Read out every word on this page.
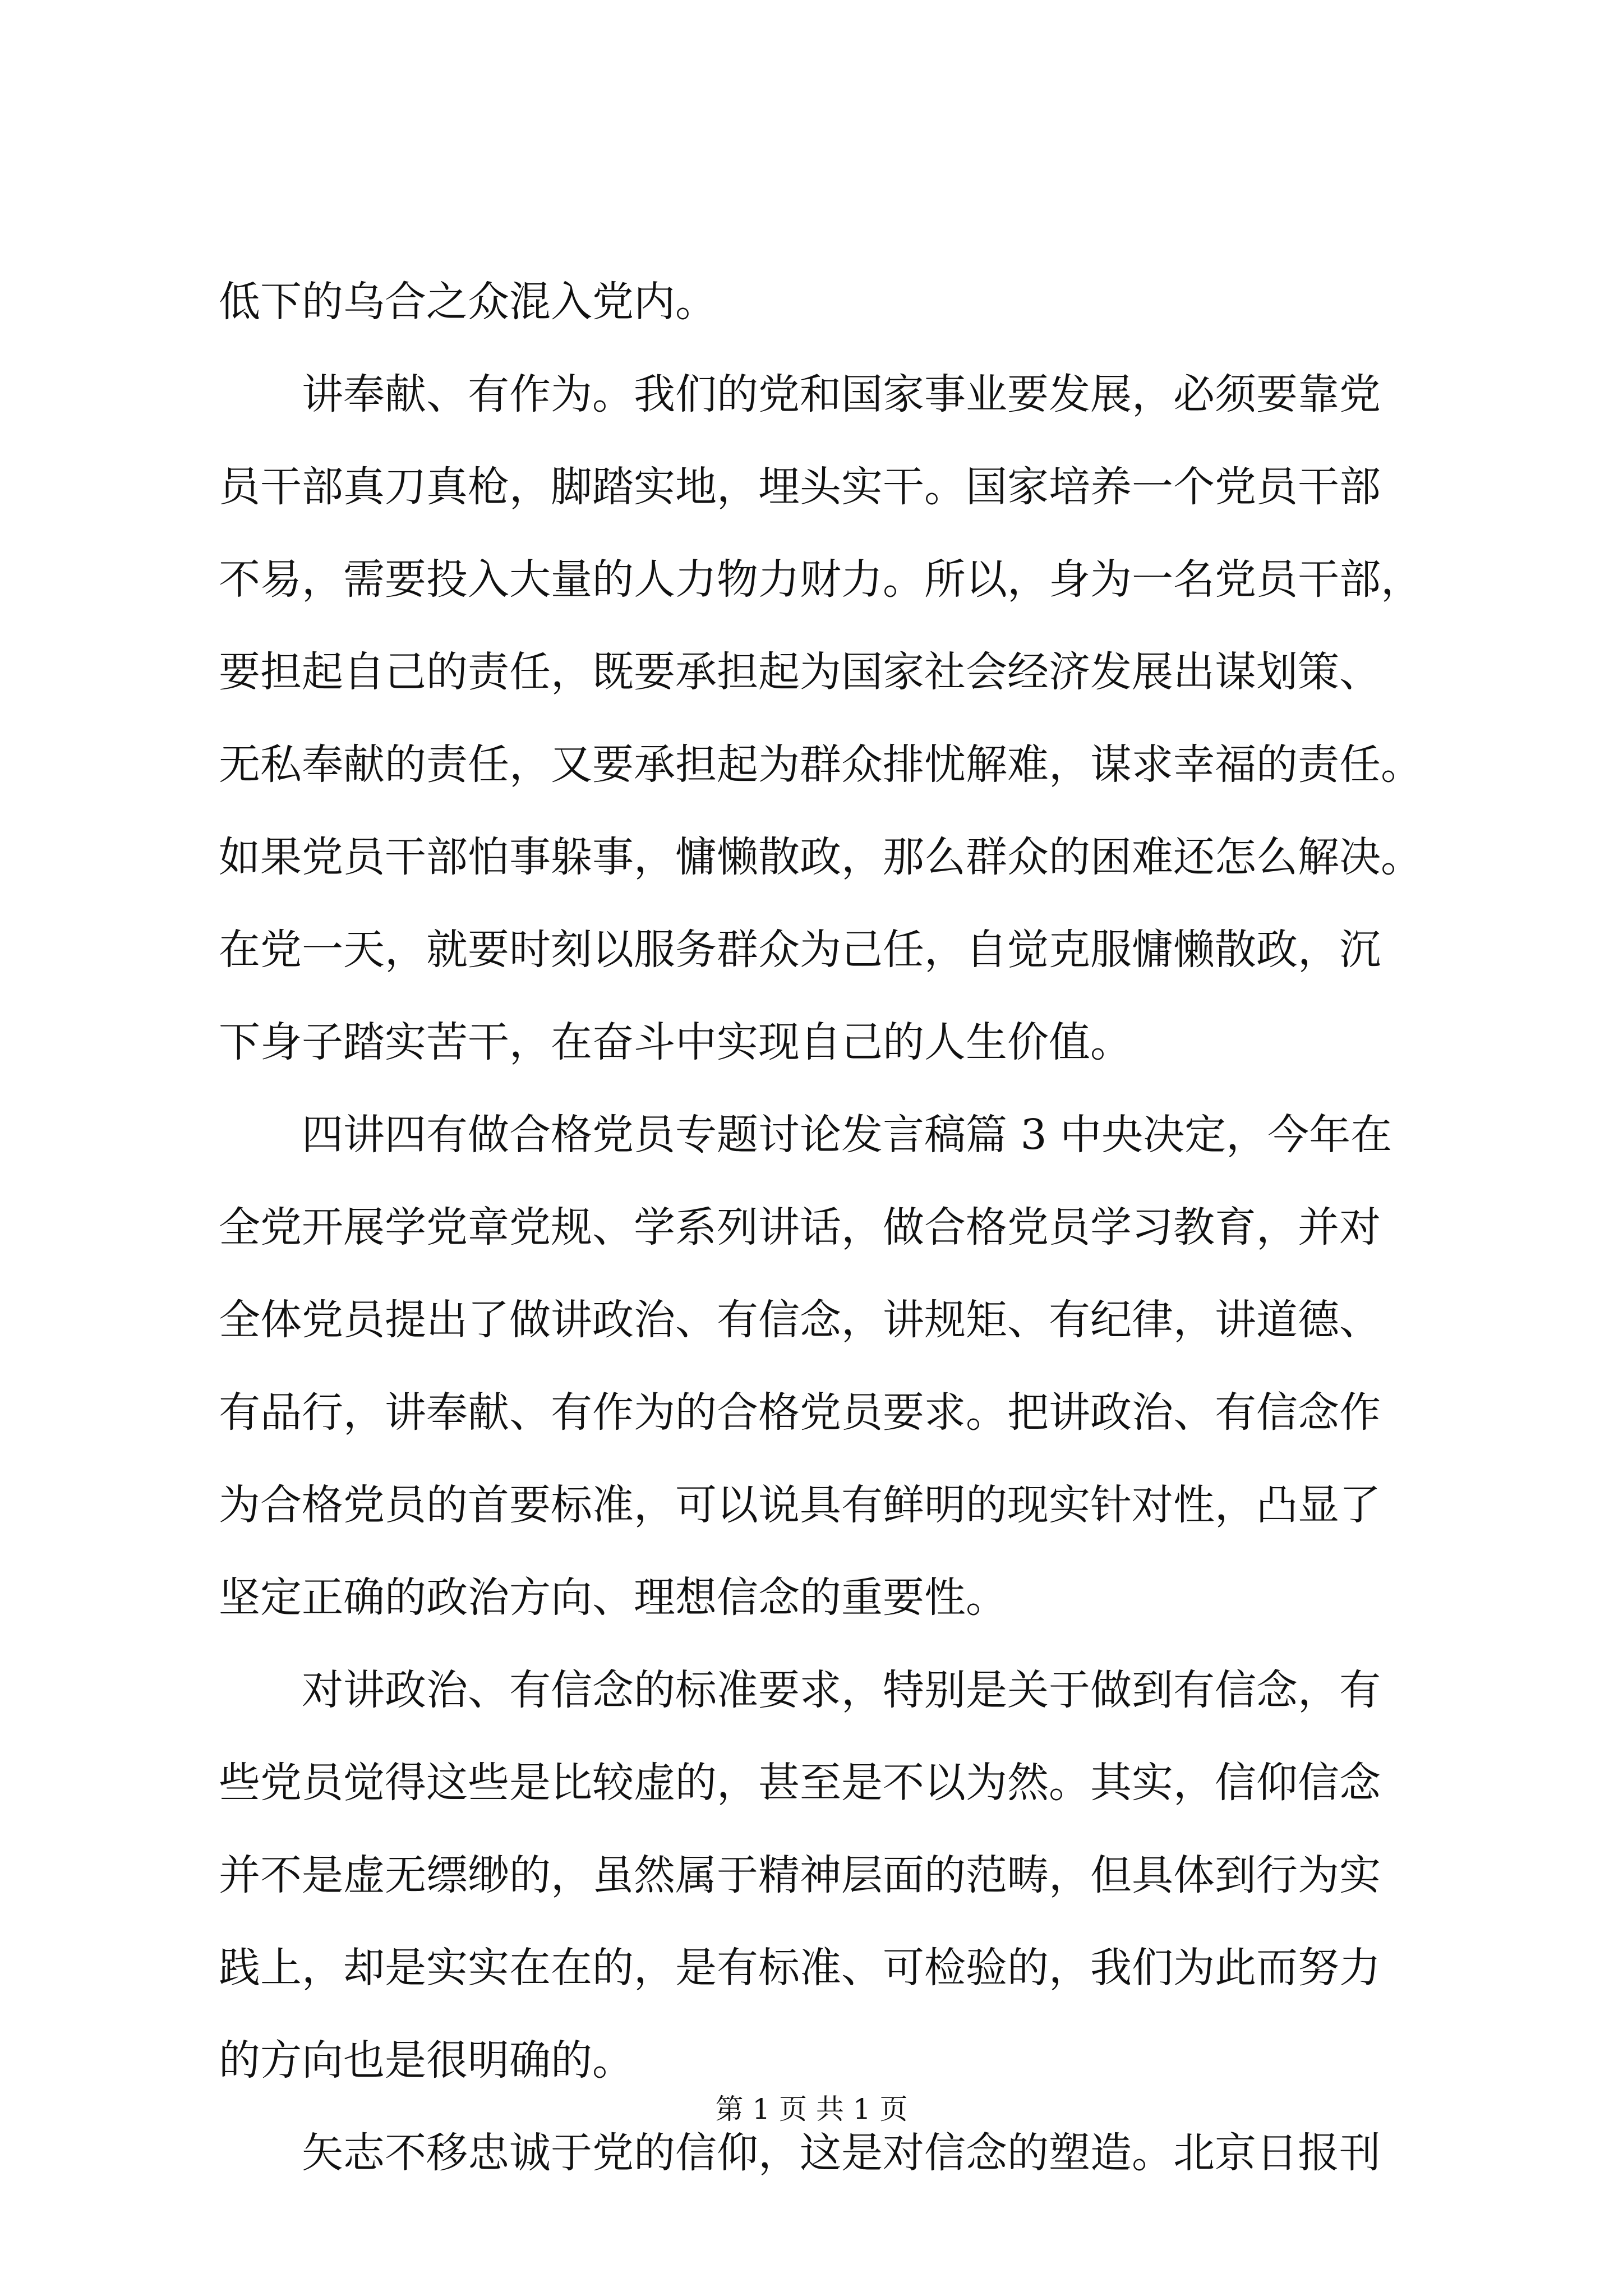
低下的乌合之众混入党内。
讲奉献、有作为。我们的党和国家事业要发展，必须要靠党
员干部真刀真枪，脚踏实地，埋头实干。国家培养一个党员干部
不易，需要投入大量的人力物力财力。所以，身为一名党员干部，
要担起自己的责任，既要承担起为国家社会经济发展出谋划策、
无私奉献的责任，又要承担起为群众排忧解难，谋求幸福的责任。
如果党员干部怕事躲事，慵懒散政，那么群众的困难还怎么解决。
在党一天，就要时刻以服务群众为己任，自觉克服慵懒散政，沉
下身子踏实苦干，在奋斗中实现自己的人生价值。
四讲四有做合格党员专题讨论发言稿篇 3 中央决定，今年在
全党开展学党章党规、学系列讲话，做合格党员学习教育，并对
全体党员提出了做讲政治、有信念，讲规矩、有纪律，讲道德、
有品行，讲奉献、有作为的合格党员要求。把讲政治、有信念作
为合格党员的首要标准，可以说具有鲜明的现实针对性，凸显了
坚定正确的政治方向、理想信念的重要性。
对讲政治、有信念的标准要求，特别是关于做到有信念，有
些党员觉得这些是比较虚的，甚至是不以为然。其实，信仰信念
并不是虚无缥缈的，虽然属于精神层面的范畴，但具体到行为实
践上，却是实实在在的，是有标准、可检验的，我们为此而努力
的方向也是很明确的。
矢志不移忠诚于党的信仰，这是对信念的塑造。北京日报刊
第 1 页 共 1 页
